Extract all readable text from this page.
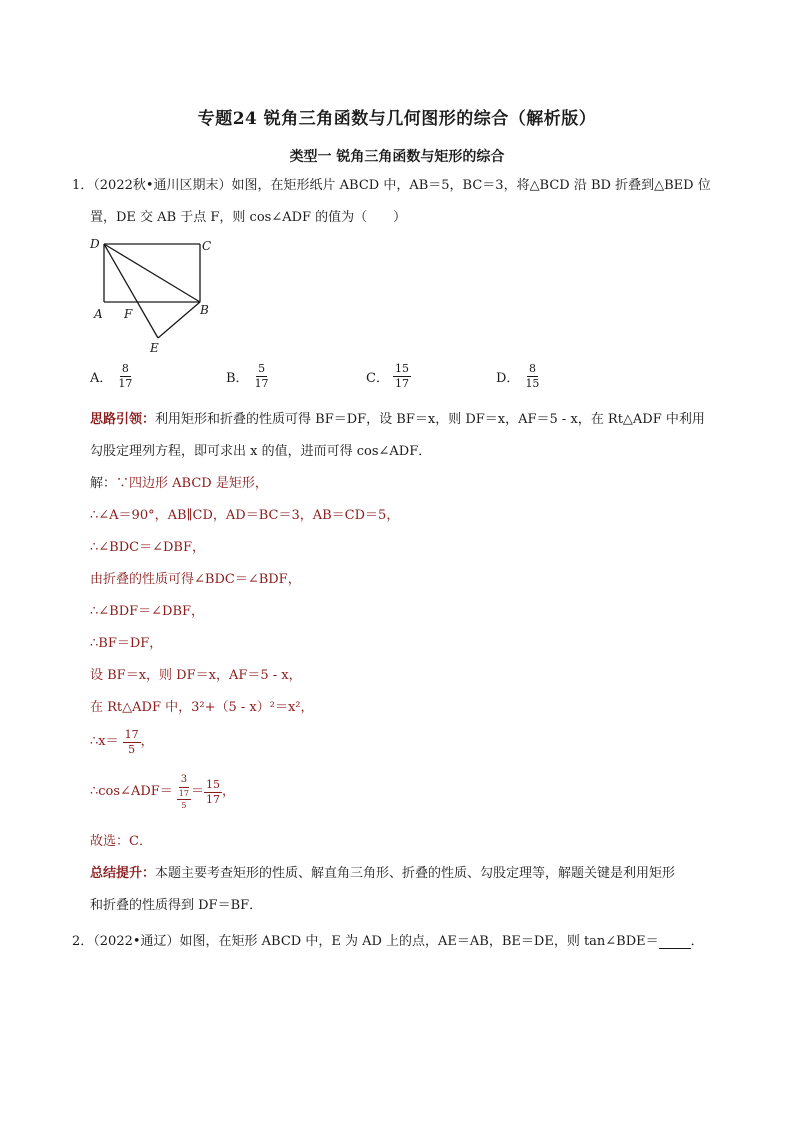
专题24 锐角三角函数与几何图形的综合（解析版）
类型一 锐角三角函数与矩形的综合
1．（2022秋•通川区期末）如图，在矩形纸片 ABCD 中，AB＝5，BC＝3，将△BCD 沿 BD 折叠到△BED 位
置，DE 交 AB 于点 F，则 cos∠ADF 的值为（　　）
D	C
A F	B
E
A． $\frac{8}{17}$	B． $\frac{5}{17}$	C． $\frac{15}{17}$	D． $\frac{8}{15}$
思路引领：利用矩形和折叠的性质可得 BF＝DF，设 BF＝x，则 DF＝x，AF＝5 - x，在 Rt△ADF 中利用
勾股定理列方程，即可求出 x 的值，进而可得 cos∠ADF．
解：∵四边形 ABCD 是矩形，
∴∠A＝90°，AB∥CD，AD＝BC＝3，AB＝CD＝5，
∴∠BDC＝∠DBF，
由折叠的性质可得∠BDC＝∠BDF，
∴∠BDF＝∠DBF，
∴BF＝DF，
设 BF＝x，则 DF＝x，AF＝5 - x，
在 Rt△ADF 中，3²+（5 - x）²＝x²，
∴x＝ $\frac{17}{5}$ ，
∴cos∠ADF＝ $\frac{3}{\frac{17}{5}} = \frac{15}{17}$ ，
故选：C．
总结提升：本题主要考查矩形的性质、解直角三角形、折叠的性质、勾股定理等，解题关键是利用矩形
和折叠的性质得到 DF＝BF．
2．（2022•通辽）如图，在矩形 ABCD 中，E 为 AD 上的点，AE＝AB，BE＝DE，则 tan∠BDE＝ ．
